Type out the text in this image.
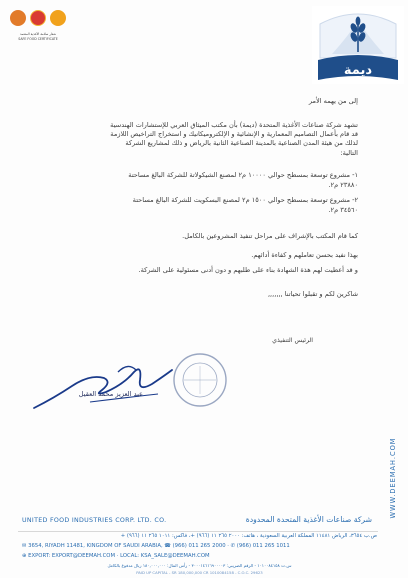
شعار سلامة الأغذية المعتمد
SAFE FOOD CERTIFICATE
ديمة
إلى من يهمه الأمر
تشهد شركة صناعات الأغذية المتحدة (ديمة) بأن مكتب الميثاق العربي للإستشارات الهندسية
قد قام بأعمال التصاميم المعمارية و الإنشائية و الإلكتروميكانيك و استخراج التراخيص اللازمة
لذلك من هيئة المدن الصناعية بالمدينة الصناعية الثانية بالرياض و ذلك لمشاريع الشركة
التالية:
١- مشروع توسعة بمسطح حوالي ١٠٠٠٠ م٢ لمصنع الشيكولاتة للشركة البالغ مساحتة
٢٣٨٨٠ م٢.
٢- مشروع توسعة بمسطح حوالي ١٥٠٠ م٢ لمصنع البسكويت للشركة البالغ مساحتة
٣٤٥٦٠ م٢.
كما قام المكتب بالإشراف على مراحل تنفيذ المشروعين بالكامل.
بهذا نفيد بحسن تعاملهم و كفاءة أدائهم.
و قد أعطيت لهم هذة الشهادة بناء على طلبهم و دون أدنى مسئولية على الشركة.
شاكرين لكم و تقبلوا تحياتنا ,,,,,,,
الرئيس التنفيذي
عبد العزيز محمد العقيل
WWW.DEEMAH.COM
UNITED FOOD INDUSTRIES CORP. LTD. CO.	شركة صناعات الأغذية المتحدة المحدودة
ص.ب ٣٦٥٤، الرياض ١١٤٨١ المملكة العربية السعودية ، هاتف: ٢٠٠٠ ٢٦٥ ١١ (٩٦٦) +، فاكس: ١٠١١ ٢٦٥ ١١ (٩٦٦) +
✉ 3654, RIYADH 11481, KINGDOM OF SAUDI ARABIA, ☎ (966) 011 265 2000 · ✆ (966) 011 265 1011
⊕ EXPORT: EXPORT@DEEMAH.COM · LOCAL: KSA_SALE@DEEMAH.COM
س.ت ١٠١٠٠٨٤١٥٨ - الرقم الضريبي: ٣٠٠٠١٤٦١٦٩٠٠٠٠٣ - رأس المال: ١٨٠,٠٠٠,٠٠٠ ريال مدفوع بالكامل
PAID UP CAPITAL - SR 180,000,000 CR 1010084158 - C.O.C. 29623
